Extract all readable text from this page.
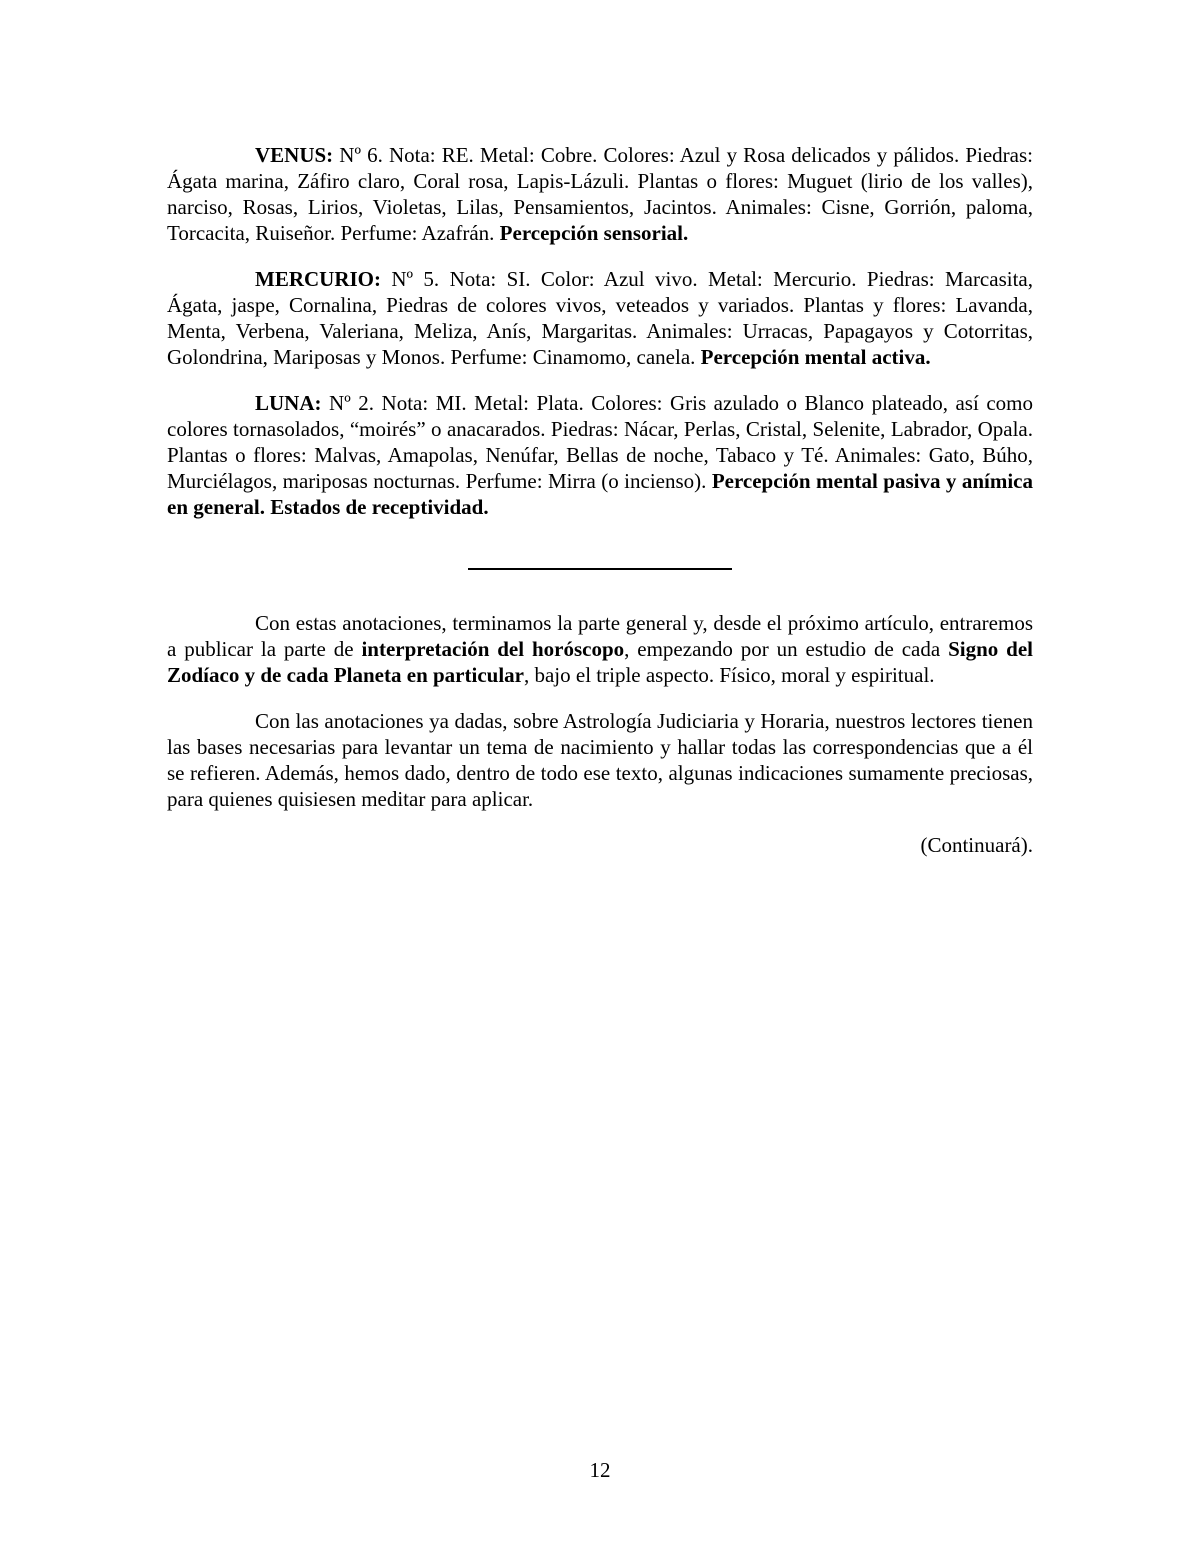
VENUS: Nº 6. Nota: RE. Metal: Cobre. Colores: Azul y Rosa delicados y pálidos. Piedras: Ágata marina, Záfiro claro, Coral rosa, Lapis-Lázuli. Plantas o flores: Muguet (lirio de los valles), narciso, Rosas, Lirios, Violetas, Lilas, Pensamientos, Jacintos. Animales: Cisne, Gorrión, paloma, Torcacita, Ruiseñor. Perfume: Azafrán. Percepción sensorial.

MERCURIO: Nº 5. Nota: SI. Color: Azul vivo. Metal: Mercurio. Piedras: Marcasita, Ágata, jaspe, Cornalina, Piedras de colores vivos, veteados y variados. Plantas y flores: Lavanda, Menta, Verbena, Valeriana, Meliza, Anís, Margaritas. Animales: Urracas, Papagayos y Cotorritas, Golondrina, Mariposas y Monos. Perfume: Cinamomo, canela. Percepción mental activa.

LUNA: Nº 2. Nota: MI. Metal: Plata. Colores: Gris azulado o Blanco plateado, así como colores tornasolados, “moirés” o anacarados. Piedras: Nácar, Perlas, Cristal, Selenite, Labrador, Opala. Plantas o flores: Malvas, Amapolas, Nenúfar, Bellas de noche, Tabaco y Té. Animales: Gato, Búho, Murciélagos, mariposas nocturnas. Perfume: Mirra (o incienso). Percepción mental pasiva y anímica en general. Estados de receptividad.

Con estas anotaciones, terminamos la parte general y, desde el próximo artículo, entraremos a publicar la parte de interpretación del horóscopo, empezando por un estudio de cada Signo del Zodíaco y de cada Planeta en particular, bajo el triple aspecto. Físico, moral y espiritual.

Con las anotaciones ya dadas, sobre Astrología Judiciaria y Horaria, nuestros lectores tienen las bases necesarias para levantar un tema de nacimiento y hallar todas las correspondencias que a él se refieren. Además, hemos dado, dentro de todo ese texto, algunas indicaciones sumamente preciosas, para quienes quisiesen meditar para aplicar.

(Continuará).

12
